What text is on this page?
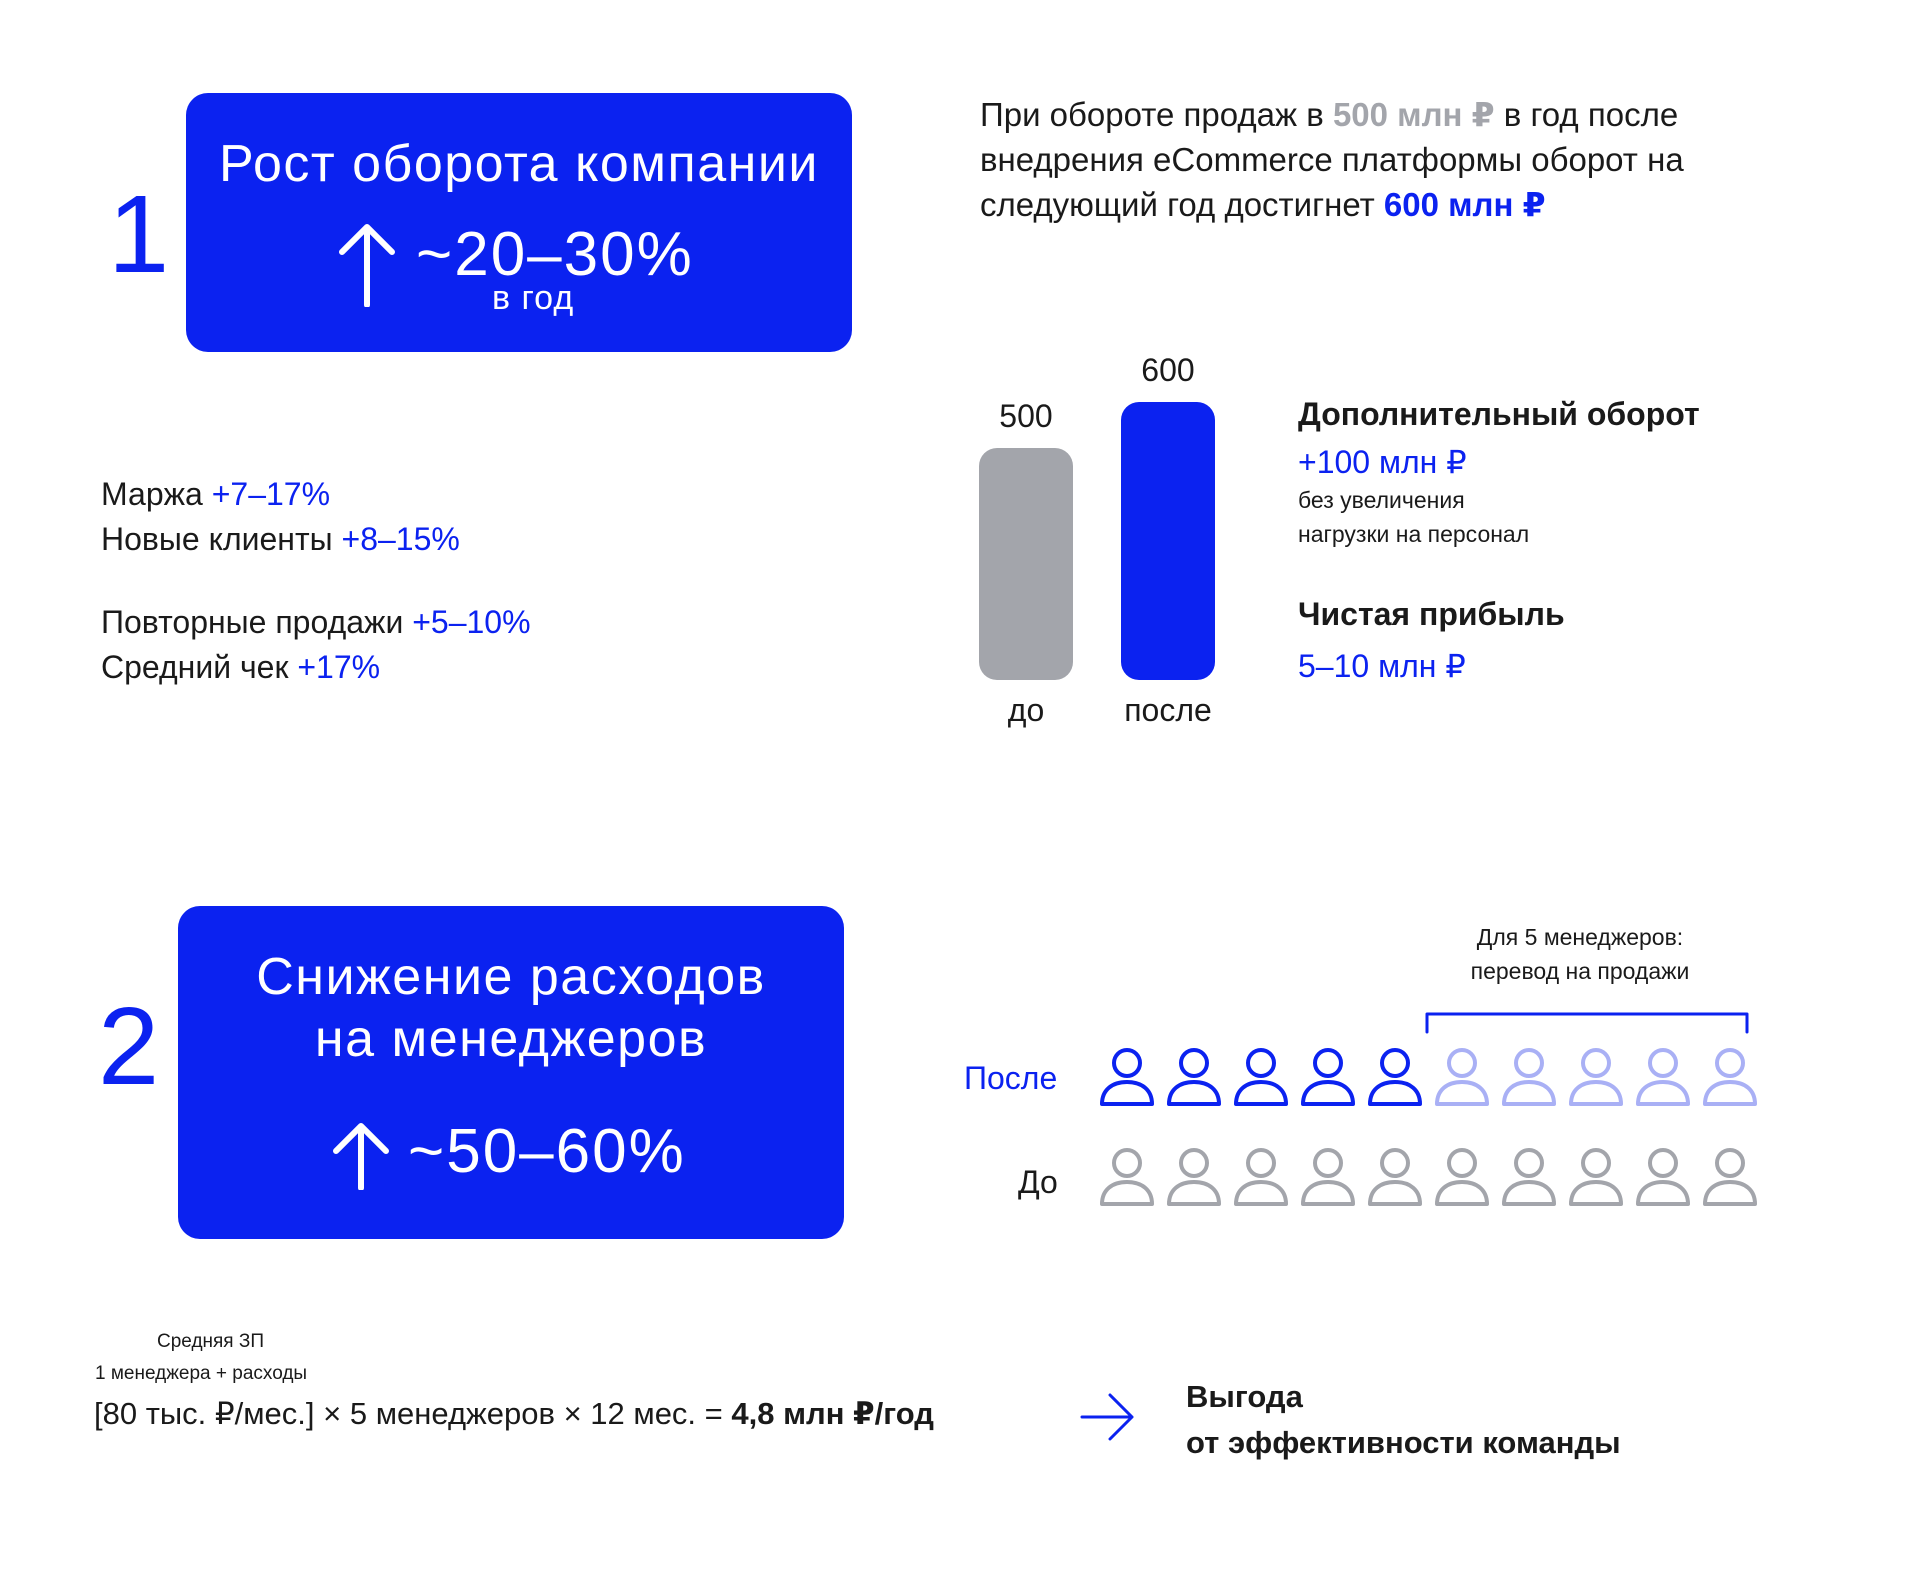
1
Рост оборота компании
~20–30%
в год
При обороте продаж в 500 млн ₽ в год после внедрения eCommerce платформы оборот на следующий год достигнет 600 млн ₽
Маржа +7–17%
Новые клиенты +8–15%
Повторные продажи +5–10%
Средний чек +17%
500
600
до	после
Дополнительный оборот
+100 млн ₽
без увеличения
нагрузки на персонал
Чистая прибыль
5–10 млн ₽
2
Снижение расходов
на менеджеров
~50–60%
Для 5 менеджеров:
перевод на продажи
После
До
Средняя ЗП
1 менеджера + расходы
[80 тыс. ₽/мес.] × 5 менеджеров × 12 мес. = 4,8 млн ₽/год	Выгода
от эффективности команды
